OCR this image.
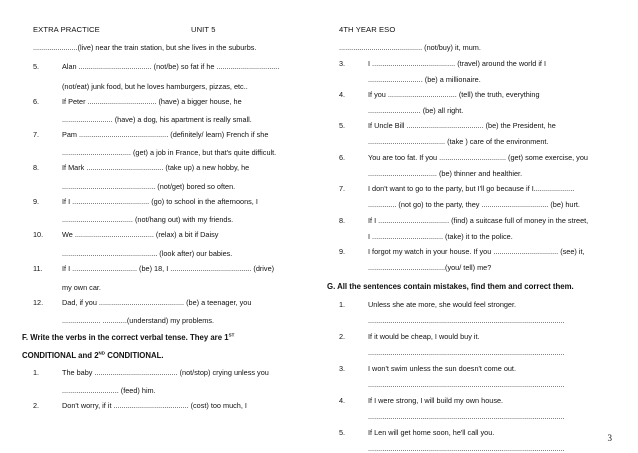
EXTRA PRACTICE	UNIT 5	4TH YEAR ESO
......................(live) near the train station, but she lives in the suburbs.
5.	Alan .................................... (not/be) so fat if he ...............................
(not/eat) junk food, but he loves hamburgers, pizzas, etc..
6.	If Peter .................................. (have) a bigger house, he
......................... (have) a dog, his apartment is really small.
7.	Pam ............................................ (definitely/ learn) French if she
.................................. (get) a job in France, but that's quite difficult.
8.	If Mark ...................................... (take up) a new hobby, he
.............................................. (not/get) bored so often.
9.	If I ...................................... (go) to school in the afternoons, I
................................... (not/hang out) with my friends.
10.	We ....................................... (relax) a bit if Daisy
............................................... (look after) our babies.
11.	If I ................................ (be) 18, I ........................................ (drive)
my own car.
12.	Dad, if you .......................................... (be) a teenager, you
................... ............(understand) my problems.
1.	The baby ......................................... (not/stop) crying unless you
............................ (feed) him.
2.	Don't worry, if it ..................................... (cost) too much, I
F. Write the verbs in the correct verbal tense. They are 1ST
CONDITIONAL and 2ND CONDITIONAL.
......................................... (not/buy) it, mum.
3.	I ......................................... (travel) around the world if I
........................... (be) a millionaire.
4.	If you .................................. (tell) the truth, everything
.......................... (be) all right.
5.	If Uncle Bill ...................................... (be) the President, he
...................................... (take ) care of the environment.
6.	You are too fat. If you ................................. (get) some exercise, you
.................................. (be) thinner and healthier.
7.	I don't want to go to the party, but I'll go because if I....................
.............. (not go) to the party, they ................................. (be) hurt.
8.	If I ................................... (find) a suitcase full of money in the street,
I ................................... (take) it to the police.
9.	I forgot my watch in your house. If you ................................ (see) it,
......................................(you/ tell) me?
1.	Unless she ate more, she would feel stronger.
.................................................................................................
2.	If it would be cheap, I would buy it.
.................................................................................................
3.	I won't swim unless the sun doesn't come out.
.................................................................................................
4.	If I were strong, I will build my own house.
.................................................................................................
5.	If Len will get home soon, he'll call you.
.................................................................................................
G. All the sentences contain mistakes, find them and correct them.
3
